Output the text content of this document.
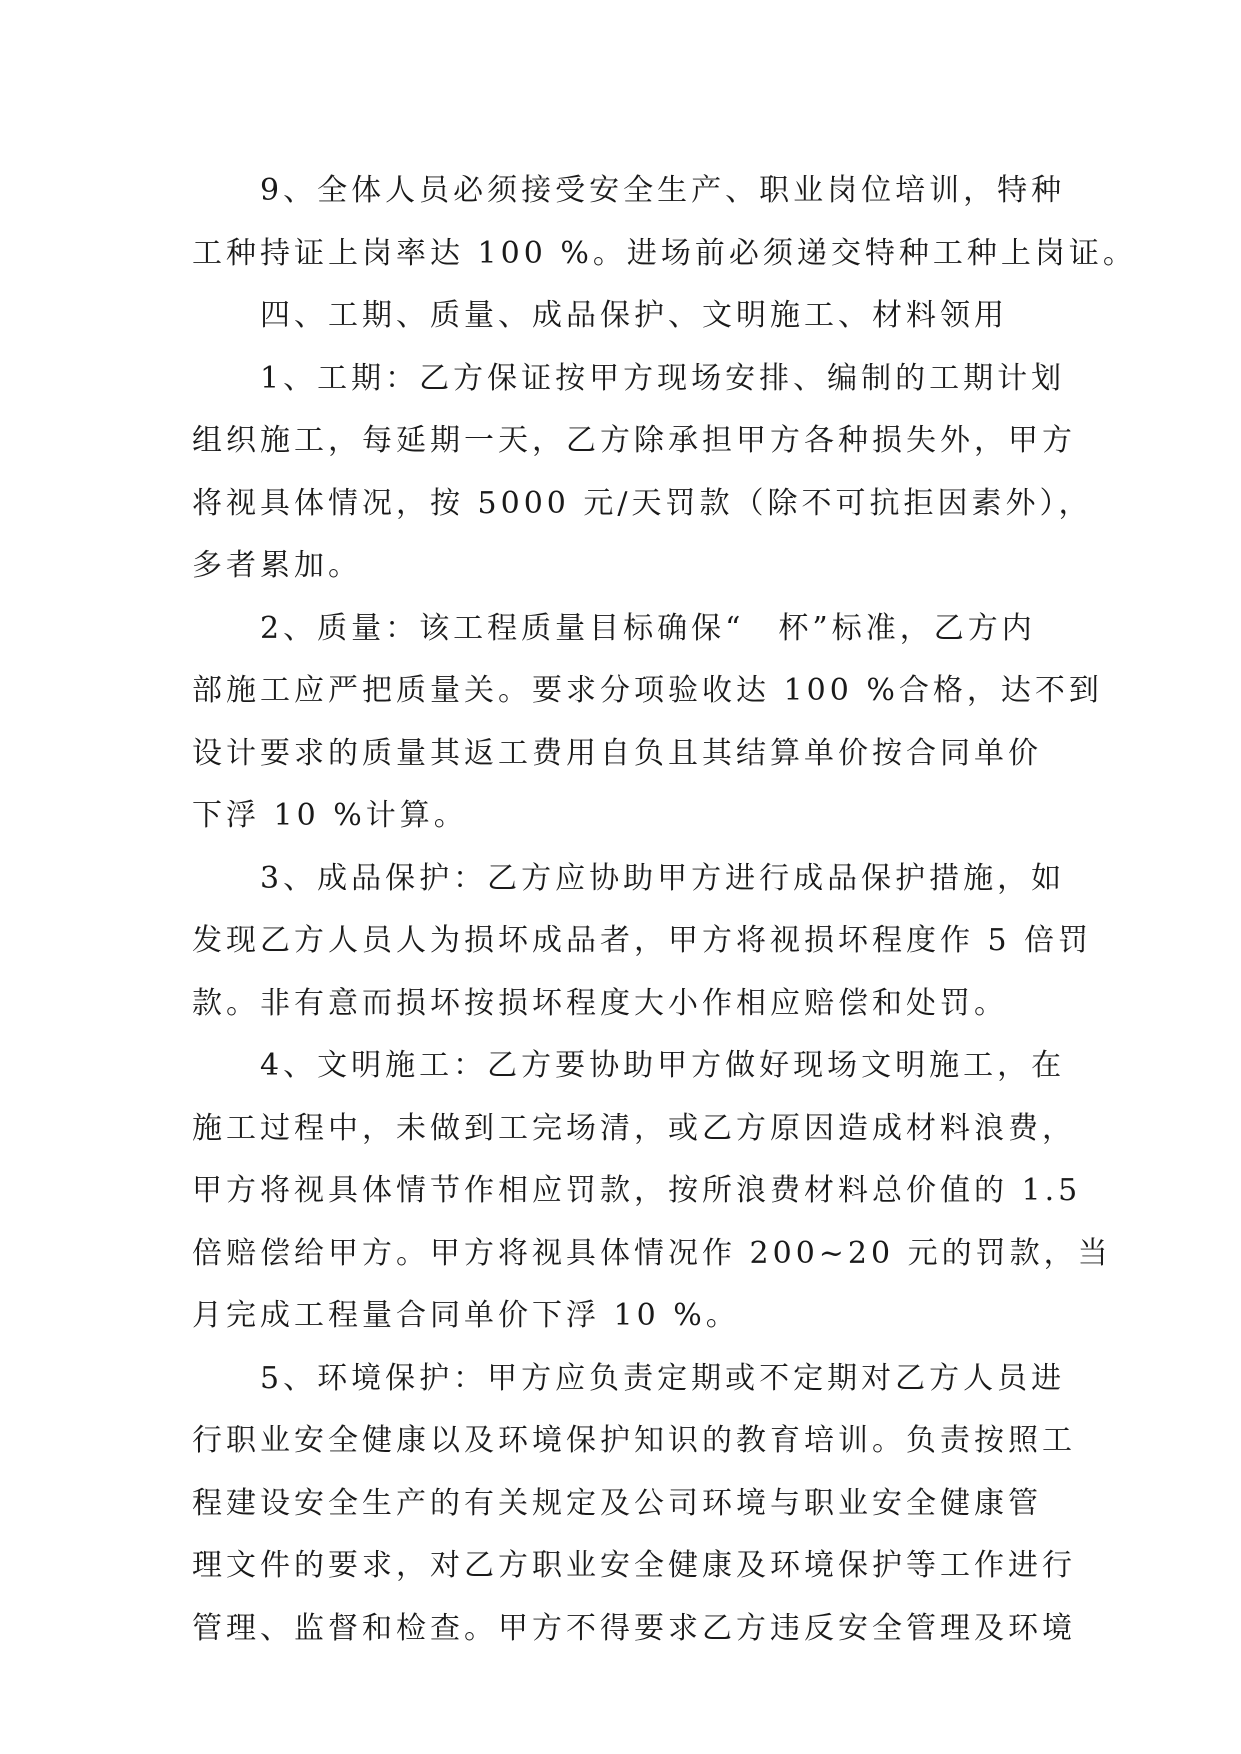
9、全体人员必须接受安全生产、职业岗位培训，特种
工种持证上岗率达 100 %。进场前必须递交特种工种上岗证。

四、工期、质量、成品保护、文明施工、材料领用

1、工期：乙方保证按甲方现场安排、编制的工期计划
组织施工，每延期一天，乙方除承担甲方各种损失外，甲方
将视具体情况，按 5000 元/天罚款（除不可抗拒因素外），
多者累加。

2、质量：该工程质量目标确保“　杯”标准，乙方内
部施工应严把质量关。要求分项验收达 100 %合格，达不到
设计要求的质量其返工费用自负且其结算单价按合同单价
下浮 10 %计算。

3、成品保护：乙方应协助甲方进行成品保护措施，如
发现乙方人员人为损坏成品者，甲方将视损坏程度作 5 倍罚
款。非有意而损坏按损坏程度大小作相应赔偿和处罚。

4、文明施工：乙方要协助甲方做好现场文明施工，在
施工过程中，未做到工完场清，或乙方原因造成材料浪费，
甲方将视具体情节作相应罚款，按所浪费材料总价值的 1.5
倍赔偿给甲方。甲方将视具体情况作 200~20 元的罚款，当
月完成工程量合同单价下浮 10 %。

5、环境保护：甲方应负责定期或不定期对乙方人员进
行职业安全健康以及环境保护知识的教育培训。负责按照工
程建设安全生产的有关规定及公司环境与职业安全健康管
理文件的要求，对乙方职业安全健康及环境保护等工作进行
管理、监督和检查。甲方不得要求乙方违反安全管理及环境
